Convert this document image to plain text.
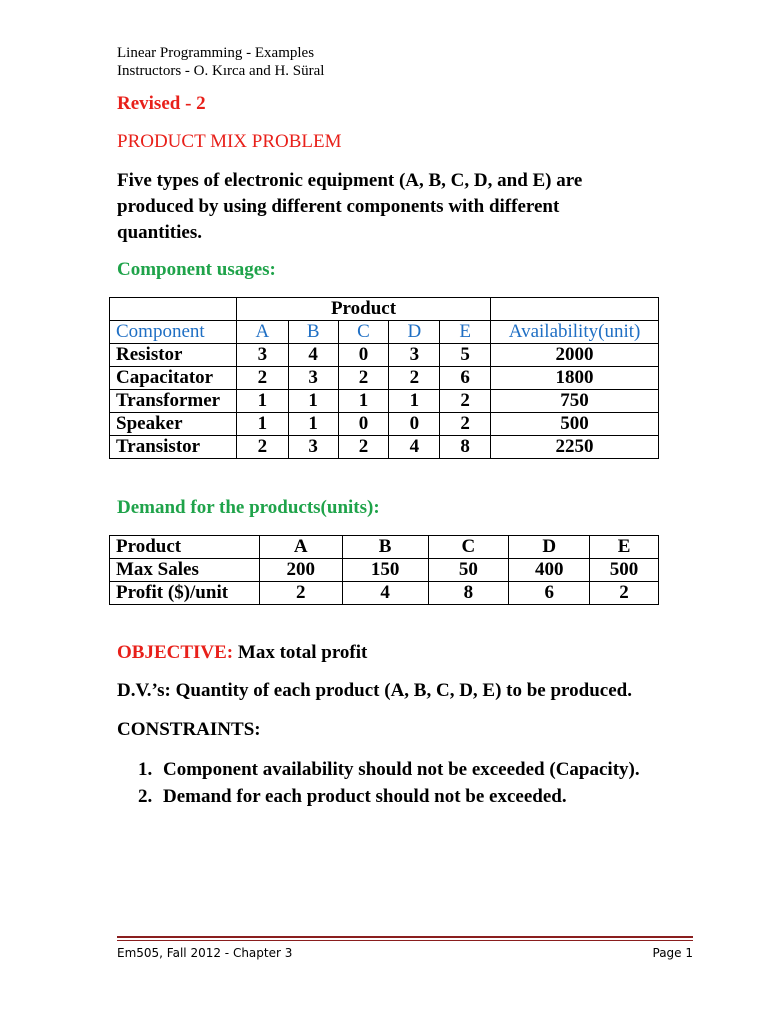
Linear Programming - Examples
Instructors - O. Kırca and H. Süral
Revised - 2
PRODUCT MIX PROBLEM
Five types of electronic equipment (A, B, C, D, and E) are produced by using different components with different quantities.
Component usages:
	Product					
Component	A	B	C	D	E	Availability(unit)
Resistor	3	4	0	3	5	2000
Capacitator	2	3	2	2	6	1800
Transformer	1	1	1	1	2	750
Speaker	1	1	0	0	2	500
Transistor	2	3	2	4	8	2250
Demand for the products(units):
Product	A	B	C	D	E
Max Sales	200	150	50	400	500
Profit ($)/unit	2	4	8	6	2
OBJECTIVE: Max total profit
D.V.’s: Quantity of each product (A, B, C, D, E) to be produced.
CONSTRAINTS:
1. Component availability should not be exceeded (Capacity).
2. Demand for each product should not be exceeded.
Em505, Fall 2012 - Chapter 3	Page 1
